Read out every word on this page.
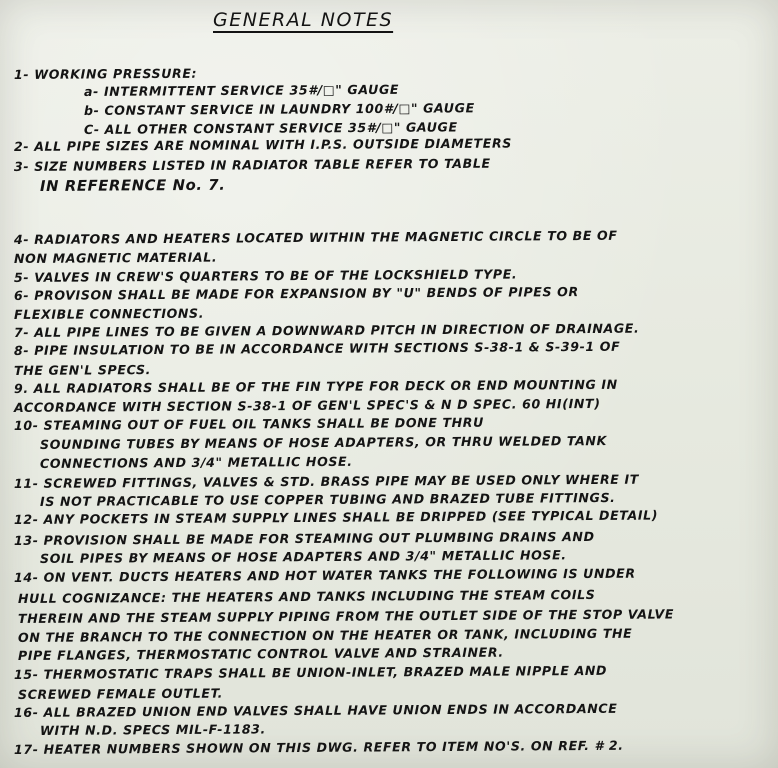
GENERAL NOTES
1- WORKING PRESSURE:
a- INTERMITTENT SERVICE 35#/□" GAUGE
b- CONSTANT SERVICE IN LAUNDRY 100#/□" GAUGE
C- ALL OTHER CONSTANT SERVICE 35#/□" GAUGE
2- ALL PIPE SIZES ARE NOMINAL WITH I.P.S. OUTSIDE DIAMETERS
3- SIZE NUMBERS LISTED IN RADIATOR TABLE REFER TO TABLE
IN REFERENCE No. 7.
4- RADIATORS AND HEATERS LOCATED WITHIN THE MAGNETIC CIRCLE TO BE OF
NON MAGNETIC MATERIAL.
5- VALVES IN CREW'S QUARTERS TO BE OF THE LOCKSHIELD TYPE.
6- PROVISON SHALL BE MADE FOR EXPANSION BY "U" BENDS OF PIPES OR
FLEXIBLE CONNECTIONS.
7- ALL PIPE LINES TO BE GIVEN A DOWNWARD PITCH IN DIRECTION OF DRAINAGE.
8- PIPE INSULATION TO BE IN ACCORDANCE WITH SECTIONS S-38-1 & S-39-1 OF
THE GEN'L SPECS.
9. ALL RADIATORS SHALL BE OF THE FIN TYPE FOR DECK OR END MOUNTING IN
ACCORDANCE WITH SECTION S-38-1 OF GEN'L SPEC'S & N D SPEC. 60 HI(INT)
10- STEAMING OUT OF FUEL OIL TANKS SHALL BE DONE THRU
SOUNDING TUBES BY MEANS OF HOSE ADAPTERS, OR THRU WELDED TANK
CONNECTIONS AND 3/4" METALLIC HOSE.
11- SCREWED FITTINGS, VALVES & STD. BRASS PIPE MAY BE USED ONLY WHERE IT
IS NOT PRACTICABLE TO USE COPPER TUBING AND BRAZED TUBE FITTINGS.
12- ANY POCKETS IN STEAM SUPPLY LINES SHALL BE DRIPPED (SEE TYPICAL DETAIL)
13- PROVISION SHALL BE MADE FOR STEAMING OUT PLUMBING DRAINS AND
SOIL PIPES BY MEANS OF HOSE ADAPTERS AND 3/4" METALLIC HOSE.
14- ON VENT. DUCTS HEATERS AND HOT WATER TANKS THE FOLLOWING IS UNDER
HULL COGNIZANCE: THE HEATERS AND TANKS INCLUDING THE STEAM COILS
THEREIN AND THE STEAM SUPPLY PIPING FROM THE OUTLET SIDE OF THE STOP VALVE
ON THE BRANCH TO THE CONNECTION ON THE HEATER OR TANK, INCLUDING THE
PIPE FLANGES, THERMOSTATIC CONTROL VALVE AND STRAINER.
15- THERMOSTATIC TRAPS SHALL BE UNION-INLET, BRAZED MALE NIPPLE AND
SCREWED FEMALE OUTLET.
16- ALL BRAZED UNION END VALVES SHALL HAVE UNION ENDS IN ACCORDANCE
WITH N.D. SPECS MIL-F-1183.
17- HEATER NUMBERS SHOWN ON THIS DWG. REFER TO ITEM NO'S. ON REF. # 2.
